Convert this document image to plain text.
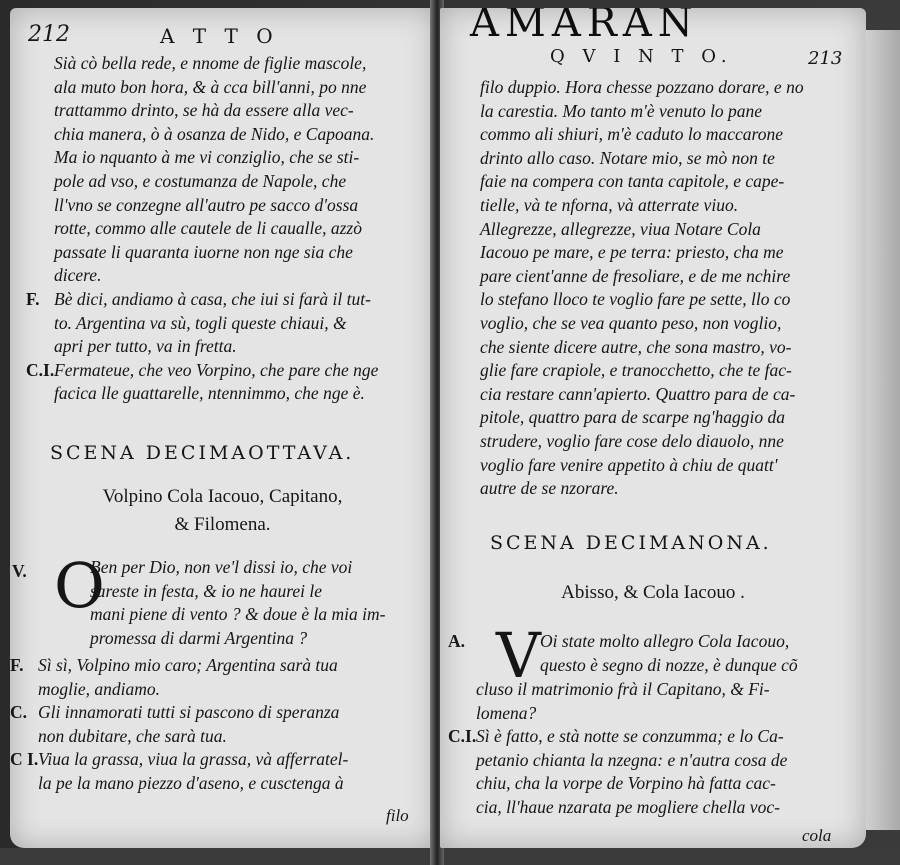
212	A T T O
Sià cò bella rede, e nnome de figlie mascole,
ala muto bon hora, & à cca bill'anni, po nne
trattammo drinto, se hà da essere alla vec-
chia manera, ò à osanza de Nido, e Capoana.
Ma io nquanto à me vi conziglio, che se sti-
pole ad vso, e costumanza de Napole, che
ll'vno se conzegne all'autro pe sacco d'ossa
rotte, commo alle cautele de li caualle, azzò
passate li quaranta iuorne non nge sia che
dicere.
F. Bè dici, andiamo à casa, che iui si farà il tut-
to. Argentina va sù, togli queste chiaui, &
apri per tutto, va in fretta.
C.I.Fermateue, che veo Vorpino, che pare che nge
facica lle guattarelle, ntennimmo, che nge è.
SCENA DECIMAOTTAVA.
Volpino Cola Iacouo, Capitano,
& Filomena.
V. O
Ben per Dio, non ve'l dissi io, che voi
sareste in festa, & io ne haurei le
mani piene di vento ? & doue è la mia im-
promessa di darmi Argentina ?
F. Sì sì, Volpino mio caro; Argentina sarà tua
moglie, andiamo.
C. Gli innamorati tutti si pascono di speranza
non dubitare, che sarà tua.
C I.Viua la grassa, viua la grassa, và afferratel-
la pe la mano piezzo d'aseno, e cusctenga à
filo
AMARAN
Q V I N T O.	213
filo duppio. Hora chesse pozzano dorare, e no
la carestia. Mo tanto m'è venuto lo pane
commo ali shiuri, m'è caduto lo maccarone
drinto allo caso. Notare mio, se mò non te
faie na compera con tanta capitole, e cape-
tielle, và te nforna, và atterrate viuo.
Allegrezze, allegrezze, viua Notare Cola
Iacouo pe mare, e pe terra: priesto, cha me
pare cient'anne de fresoliare, e de me nchire
lo stefano lloco te voglio fare pe sette, llo co
voglio, che se vea quanto peso, non voglio,
che siente dicere autre, che sona mastro, vo-
glie fare crapiole, e tranocchetto, che te fac-
cia restare cann'apierto. Quattro para de ca-
pitole, quattro para de scarpe ng'haggio da
strudere, voglio fare cose delo diauolo, nne
voglio fare venire appetito à chiu de quatt'
autre de se nzorare.
SCENA DECIMANONA.
Abisso, & Cola Iacouo .
A. V Oi state molto allegro Cola Iacouo,
questo è segno di nozze, è dunque cõ
cluso il matrimonio frà il Capitano, & Fi-
lomena?
C.I.Sì è fatto, e stà notte se conzumma; e lo Ca-
petanio chianta la nzegna: e n'autra cosa de
chiu, cha la vorpe de Vorpino hà fatta cac-
cia, ll'haue nzarata pe mogliere chella voc-
cola
